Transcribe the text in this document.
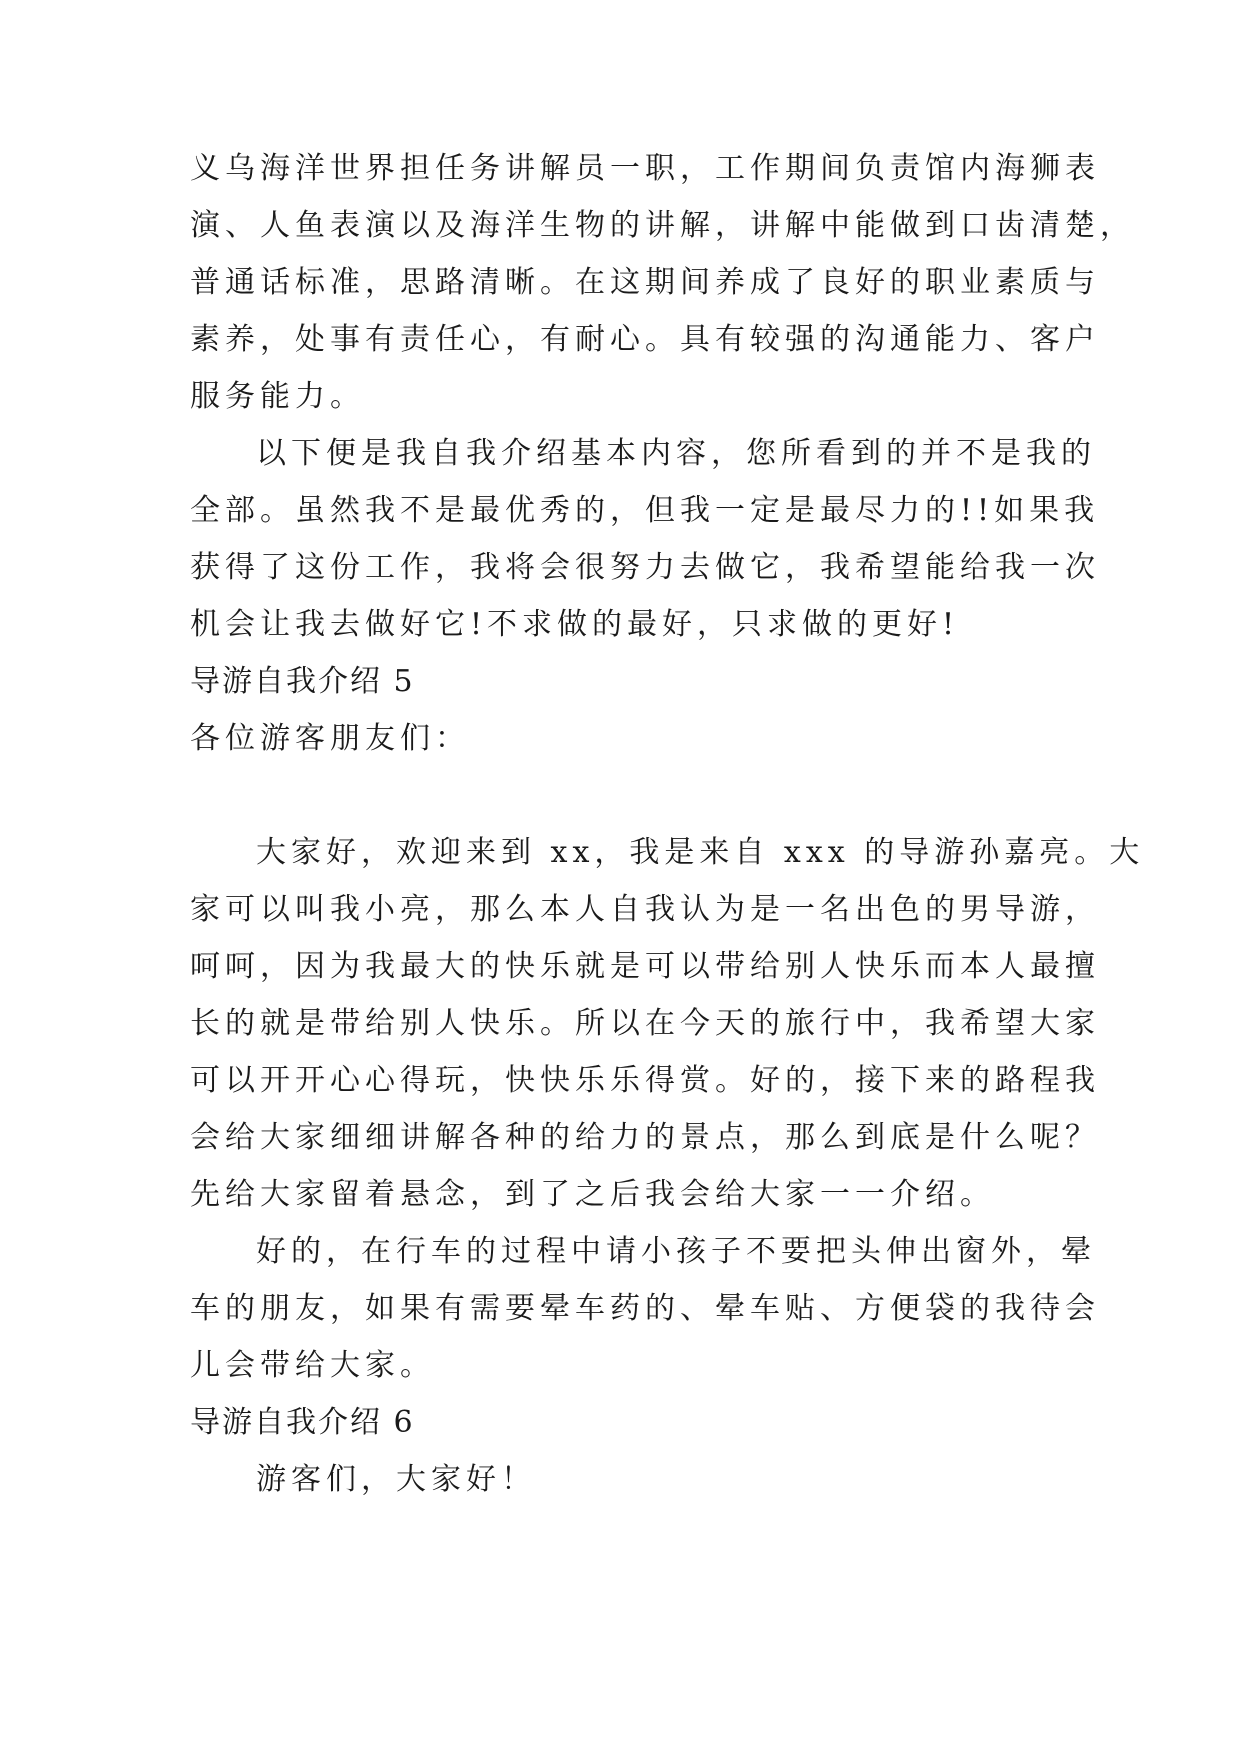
义乌海洋世界担任务讲解员一职，工作期间负责馆内海狮表
演、人鱼表演以及海洋生物的讲解，讲解中能做到口齿清楚，
普通话标准，思路清晰。在这期间养成了良好的职业素质与
素养，处事有责任心，有耐心。具有较强的沟通能力、客户
服务能力。
以下便是我自我介绍基本内容，您所看到的并不是我的
全部。虽然我不是最优秀的，但我一定是最尽力的!!如果我
获得了这份工作，我将会很努力去做它，我希望能给我一次
机会让我去做好它!不求做的最好，只求做的更好!
导游自我介绍 5
各位游客朋友们：
大家好，欢迎来到 xx，我是来自 xxx 的导游孙嘉亮。大
家可以叫我小亮，那么本人自我认为是一名出色的男导游，
呵呵，因为我最大的快乐就是可以带给别人快乐而本人最擅
长的就是带给别人快乐。所以在今天的旅行中，我希望大家
可以开开心心得玩，快快乐乐得赏。好的，接下来的路程我
会给大家细细讲解各种的给力的景点，那么到底是什么呢？
先给大家留着悬念，到了之后我会给大家一一介绍。
好的，在行车的过程中请小孩子不要把头伸出窗外，晕
车的朋友，如果有需要晕车药的、晕车贴、方便袋的我待会
儿会带给大家。
导游自我介绍 6
游客们，大家好！
